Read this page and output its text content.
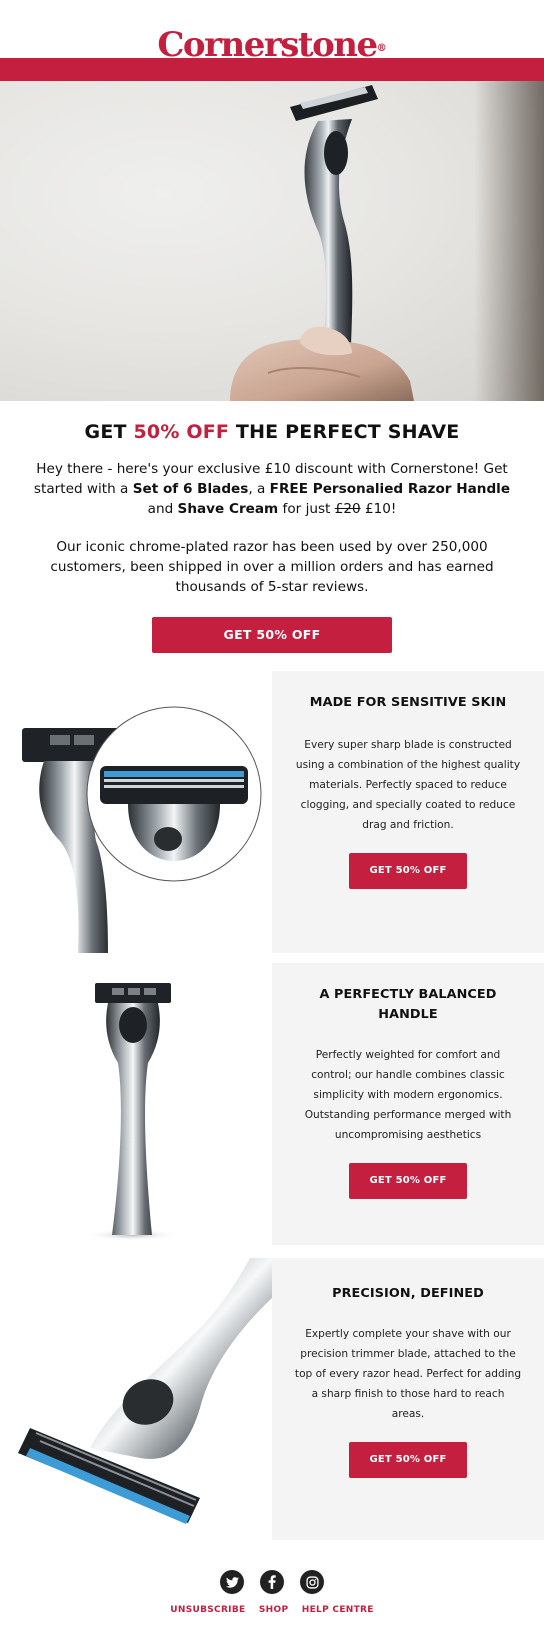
Cornerstone®
GET 50% OFF THE PERFECT SHAVE

Hey there - here's your exclusive £10 discount with Cornerstone! Get started with a Set of 6 Blades, a FREE Personalied Razor Handle and Shave Cream for just £20 £10!

Our iconic chrome-plated razor has been used by over 250,000 customers, been shipped in over a million orders and has earned thousands of 5-star reviews.

GET 50% OFF
MADE FOR SENSITIVE SKIN

Every super sharp blade is constructed using a combination of the highest quality materials. Perfectly spaced to reduce clogging, and specially coated to reduce drag and friction.

GET 50% OFF
A PERFECTLY BALANCED HANDLE

Perfectly weighted for comfort and control; our handle combines classic simplicity with modern ergonomics. Outstanding performance merged with uncompromising aesthetics

GET 50% OFF
PRECISION, DEFINED

Expertly complete your shave with our precision trimmer blade, attached to the top of every razor head. Perfect for adding a sharp finish to those hard to reach areas.

GET 50% OFF
UNSUBSCRIBE SHOP HELP CENTRE
